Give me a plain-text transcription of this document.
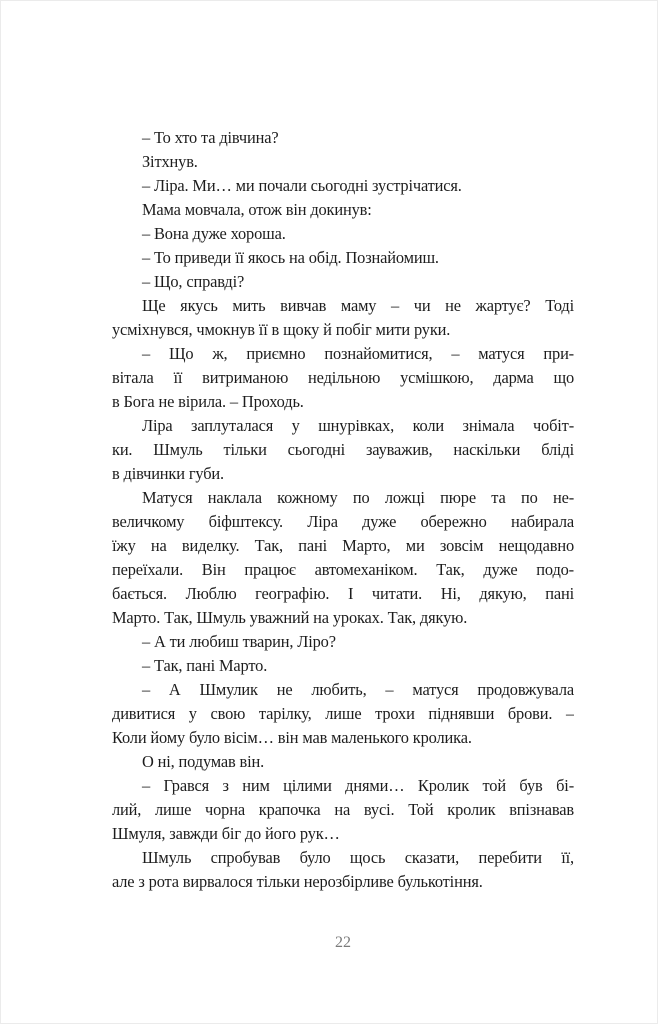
– То хто та дівчина?
Зітхнув.
– Ліра. Ми… ми почали сьогодні зустрічатися.
Мама мовчала, отож він докинув:
– Вона дуже хороша.
– То приведи її якось на обід. Познайомиш.
– Що, справді?
Ще якусь мить вивчав маму – чи не жартує? Тоді
усміхнувся, чмокнув її в щоку й побіг мити руки.
– Що ж, приємно познайомитися, – матуся при-
вітала її витриманою недільною усмішкою, дарма що
в Бога не вірила. – Проходь.
Ліра заплуталася у шнурівках, коли знімала чобіт-
ки. Шмуль тільки сьогодні зауважив, наскільки бліді
в дівчинки губи.
Матуся наклала кожному по ложці пюре та по не-
величкому біфштексу. Ліра дуже обережно набирала
їжу на виделку. Так, пані Марто, ми зовсім нещодавно
переїхали. Він працює автомеханіком. Так, дуже подо-
бається. Люблю географію. І читати. Ні, дякую, пані
Марто. Так, Шмуль уважний на уроках. Так, дякую.
– А ти любиш тварин, Ліро?
– Так, пані Марто.
– А Шмулик не любить, – матуся продовжувала
дивитися у свою тарілку, лише трохи піднявши брови. –
Коли йому було вісім… він мав маленького кролика.
О ні, подумав він.
– Грався з ним цілими днями… Кролик той був бі-
лий, лише чорна крапочка на вусі. Той кролик впізнавав
Шмуля, завжди біг до його рук…
Шмуль спробував було щось сказати, перебити її,
але з рота вирвалося тільки нерозбірливе булькотіння.
22
